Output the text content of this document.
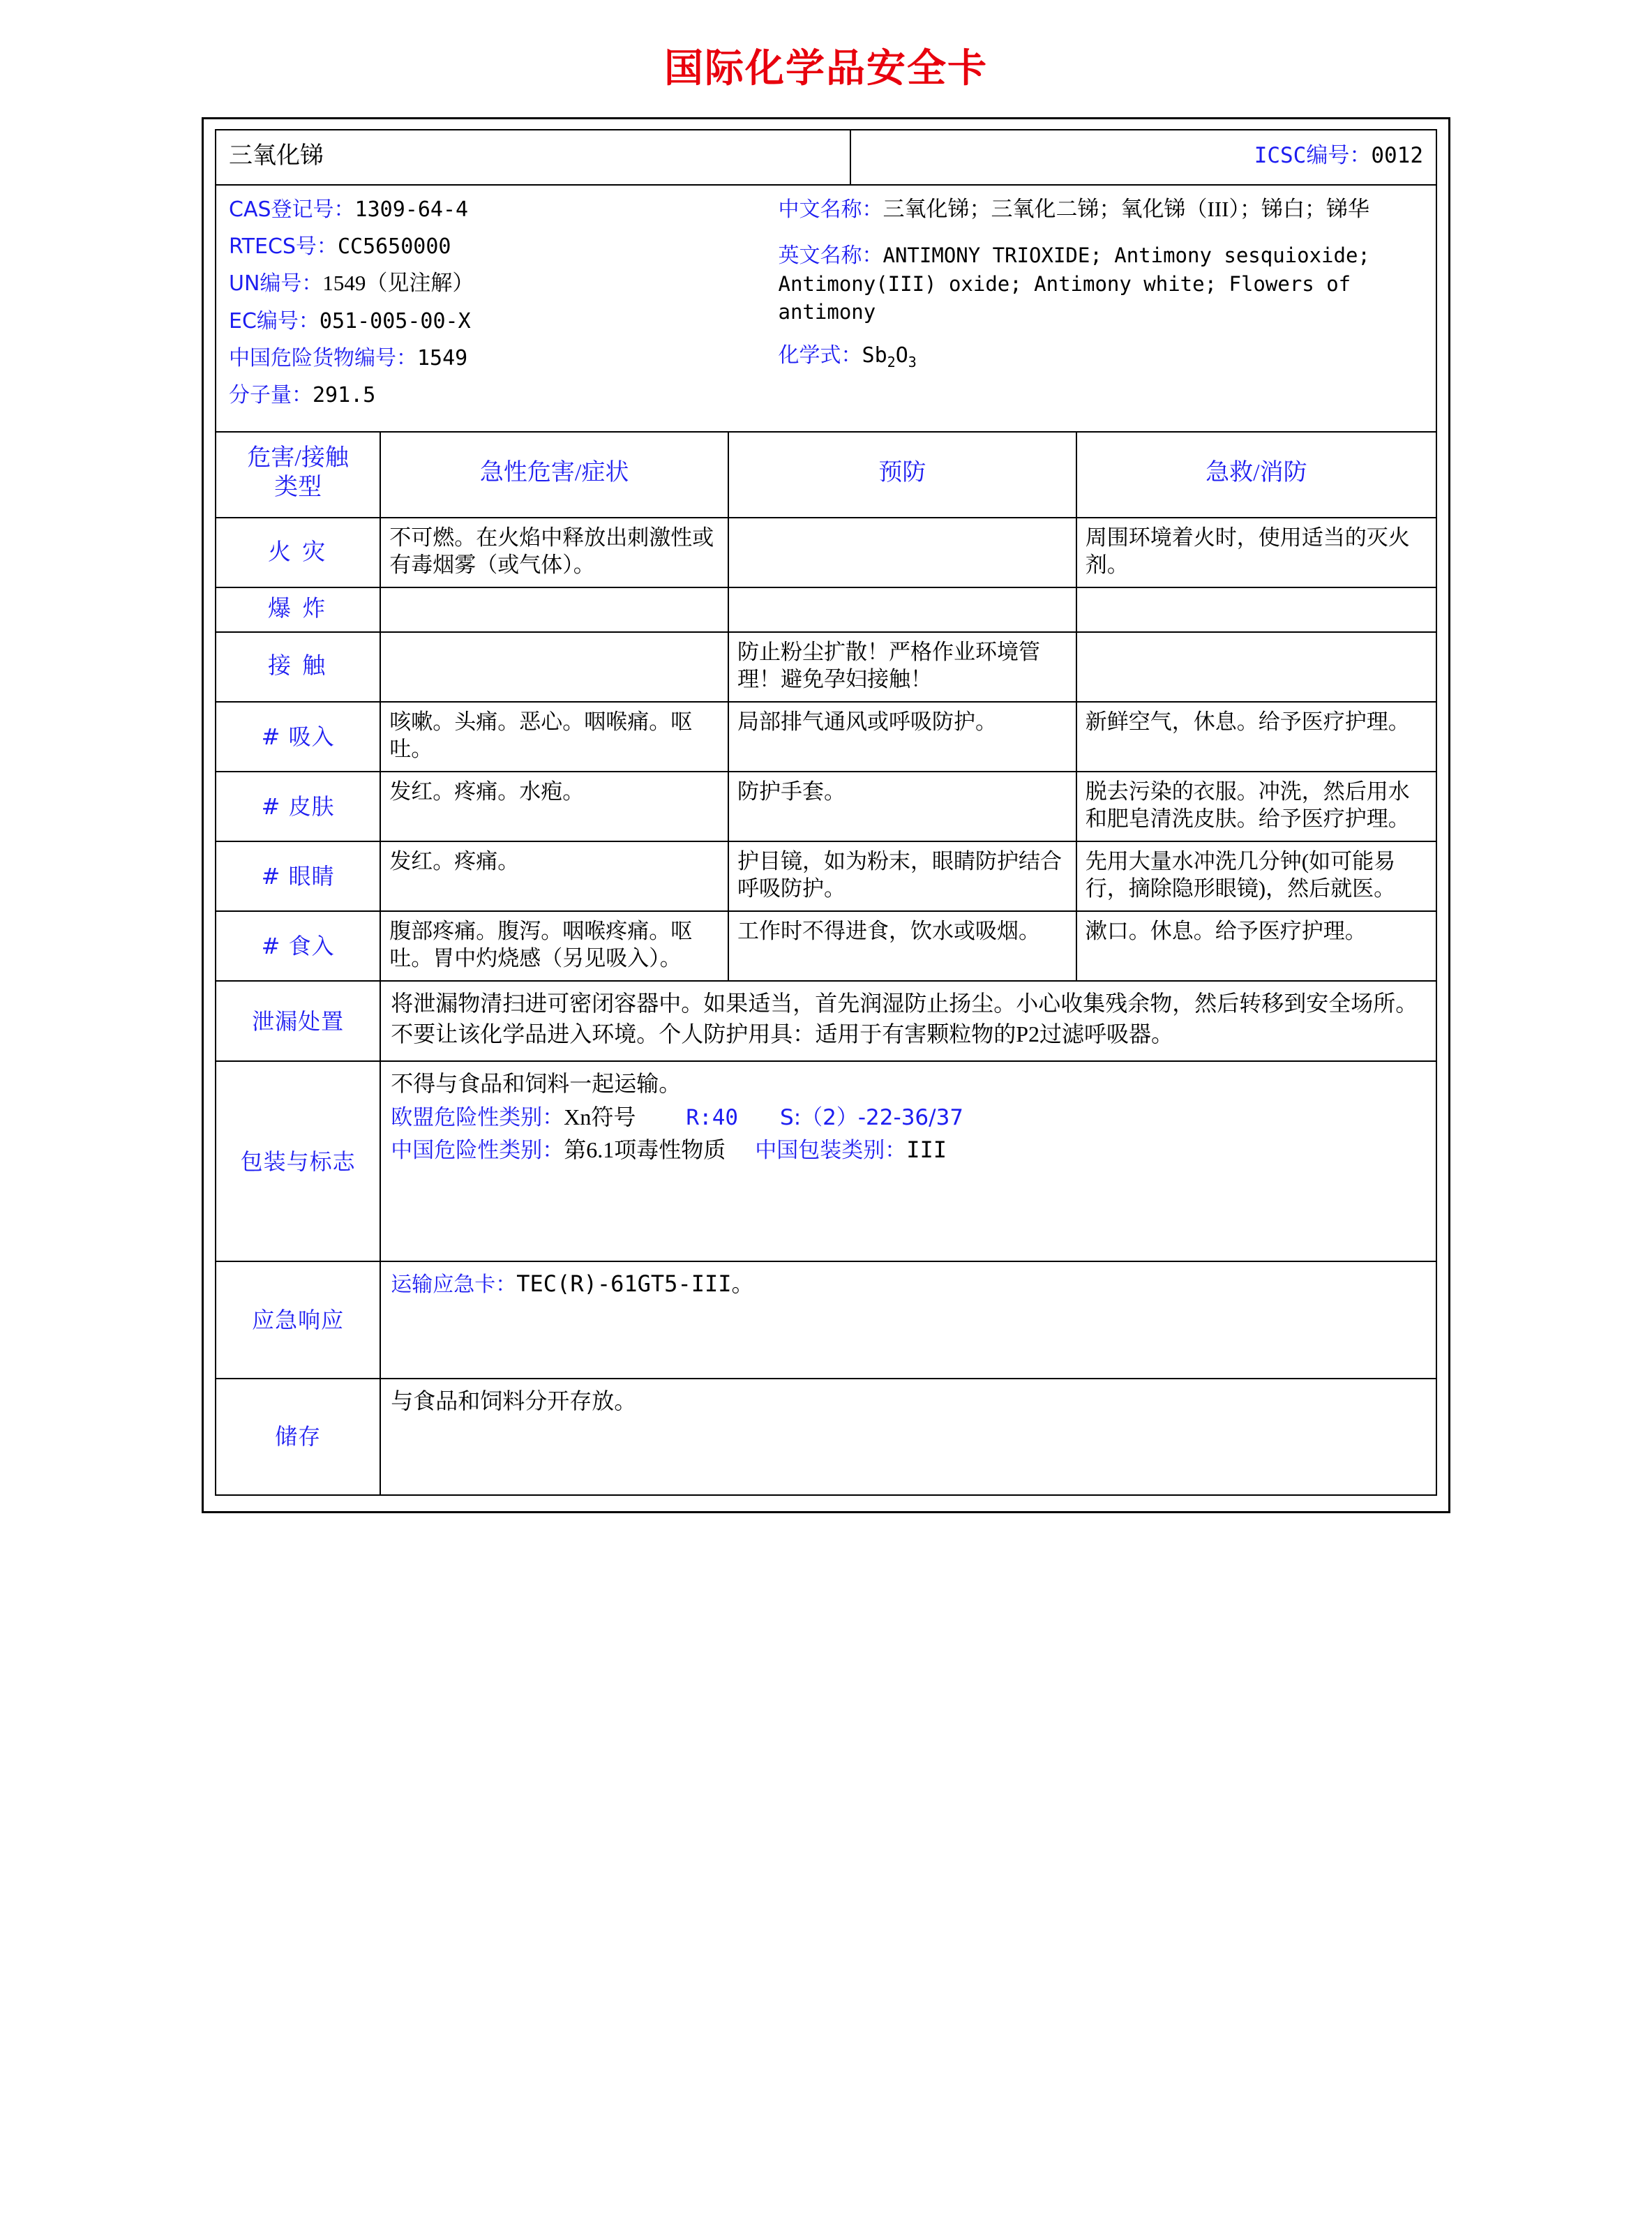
国际化学品安全卡
三氧化锑	ICSC编号：0012

CAS登记号：1309-64-4
RTECS号：CC5650000
UN编号：1549（见注解）
EC编号：051-005-00-X
中国危险货物编号：1549
分子量：291.5
中文名称：三氧化锑；三氧化二锑；氧化锑（III）；锑白；锑华
英文名称：ANTIMONY TRIOXIDE; Antimony sesquioxide; Antimony(III) oxide; Antimony white; Flowers of antimony
化学式：$Sb_2O_3$
危害/接触
类型	急性危害/症状	预防	急救/消防
火 灾	不可燃。在火焰中释放出刺激性或有毒烟雾（或气体）。		周围环境着火时，使用适当的灭火剂。
爆 炸			
接 触		防止粉尘扩散！严格作业环境管理！避免孕妇接触！	
# 吸入	咳嗽。头痛。恶心。咽喉痛。呕吐。	局部排气通风或呼吸防护。	新鲜空气，休息。给予医疗护理。
# 皮肤	发红。疼痛。水疱。	防护手套。	脱去污染的衣服。冲洗，然后用水和肥皂清洗皮肤。给予医疗护理。
# 眼睛	发红。疼痛。	护目镜，如为粉末，眼睛防护结合呼吸防护。	先用大量水冲洗几分钟(如可能易行，摘除隐形眼镜)，然后就医。
# 食入	腹部疼痛。腹泻。咽喉疼痛。呕吐。胃中灼烧感（另见吸入）。	工作时不得进食，饮水或吸烟。	漱口。休息。给予医疗护理。
泄漏处置	将泄漏物清扫进可密闭容器中。如果适当，首先润湿防止扬尘。小心收集残余物，然后转移到安全场所。不要让该化学品进入环境。个人防护用具：适用于有害颗粒物的P2过滤呼吸器。		
包装与标志	不得与食品和饲料一起运输。
欧盟危险性类别：Xn符号 R:40 S:（2）-22-36/37
中国危险性类别：第6.1项毒性物质 中国包装类别：III		

应急响应	运输应急卡：TEC(R)-61GT5-III。		

储存	与食品和饲料分开存放。		
